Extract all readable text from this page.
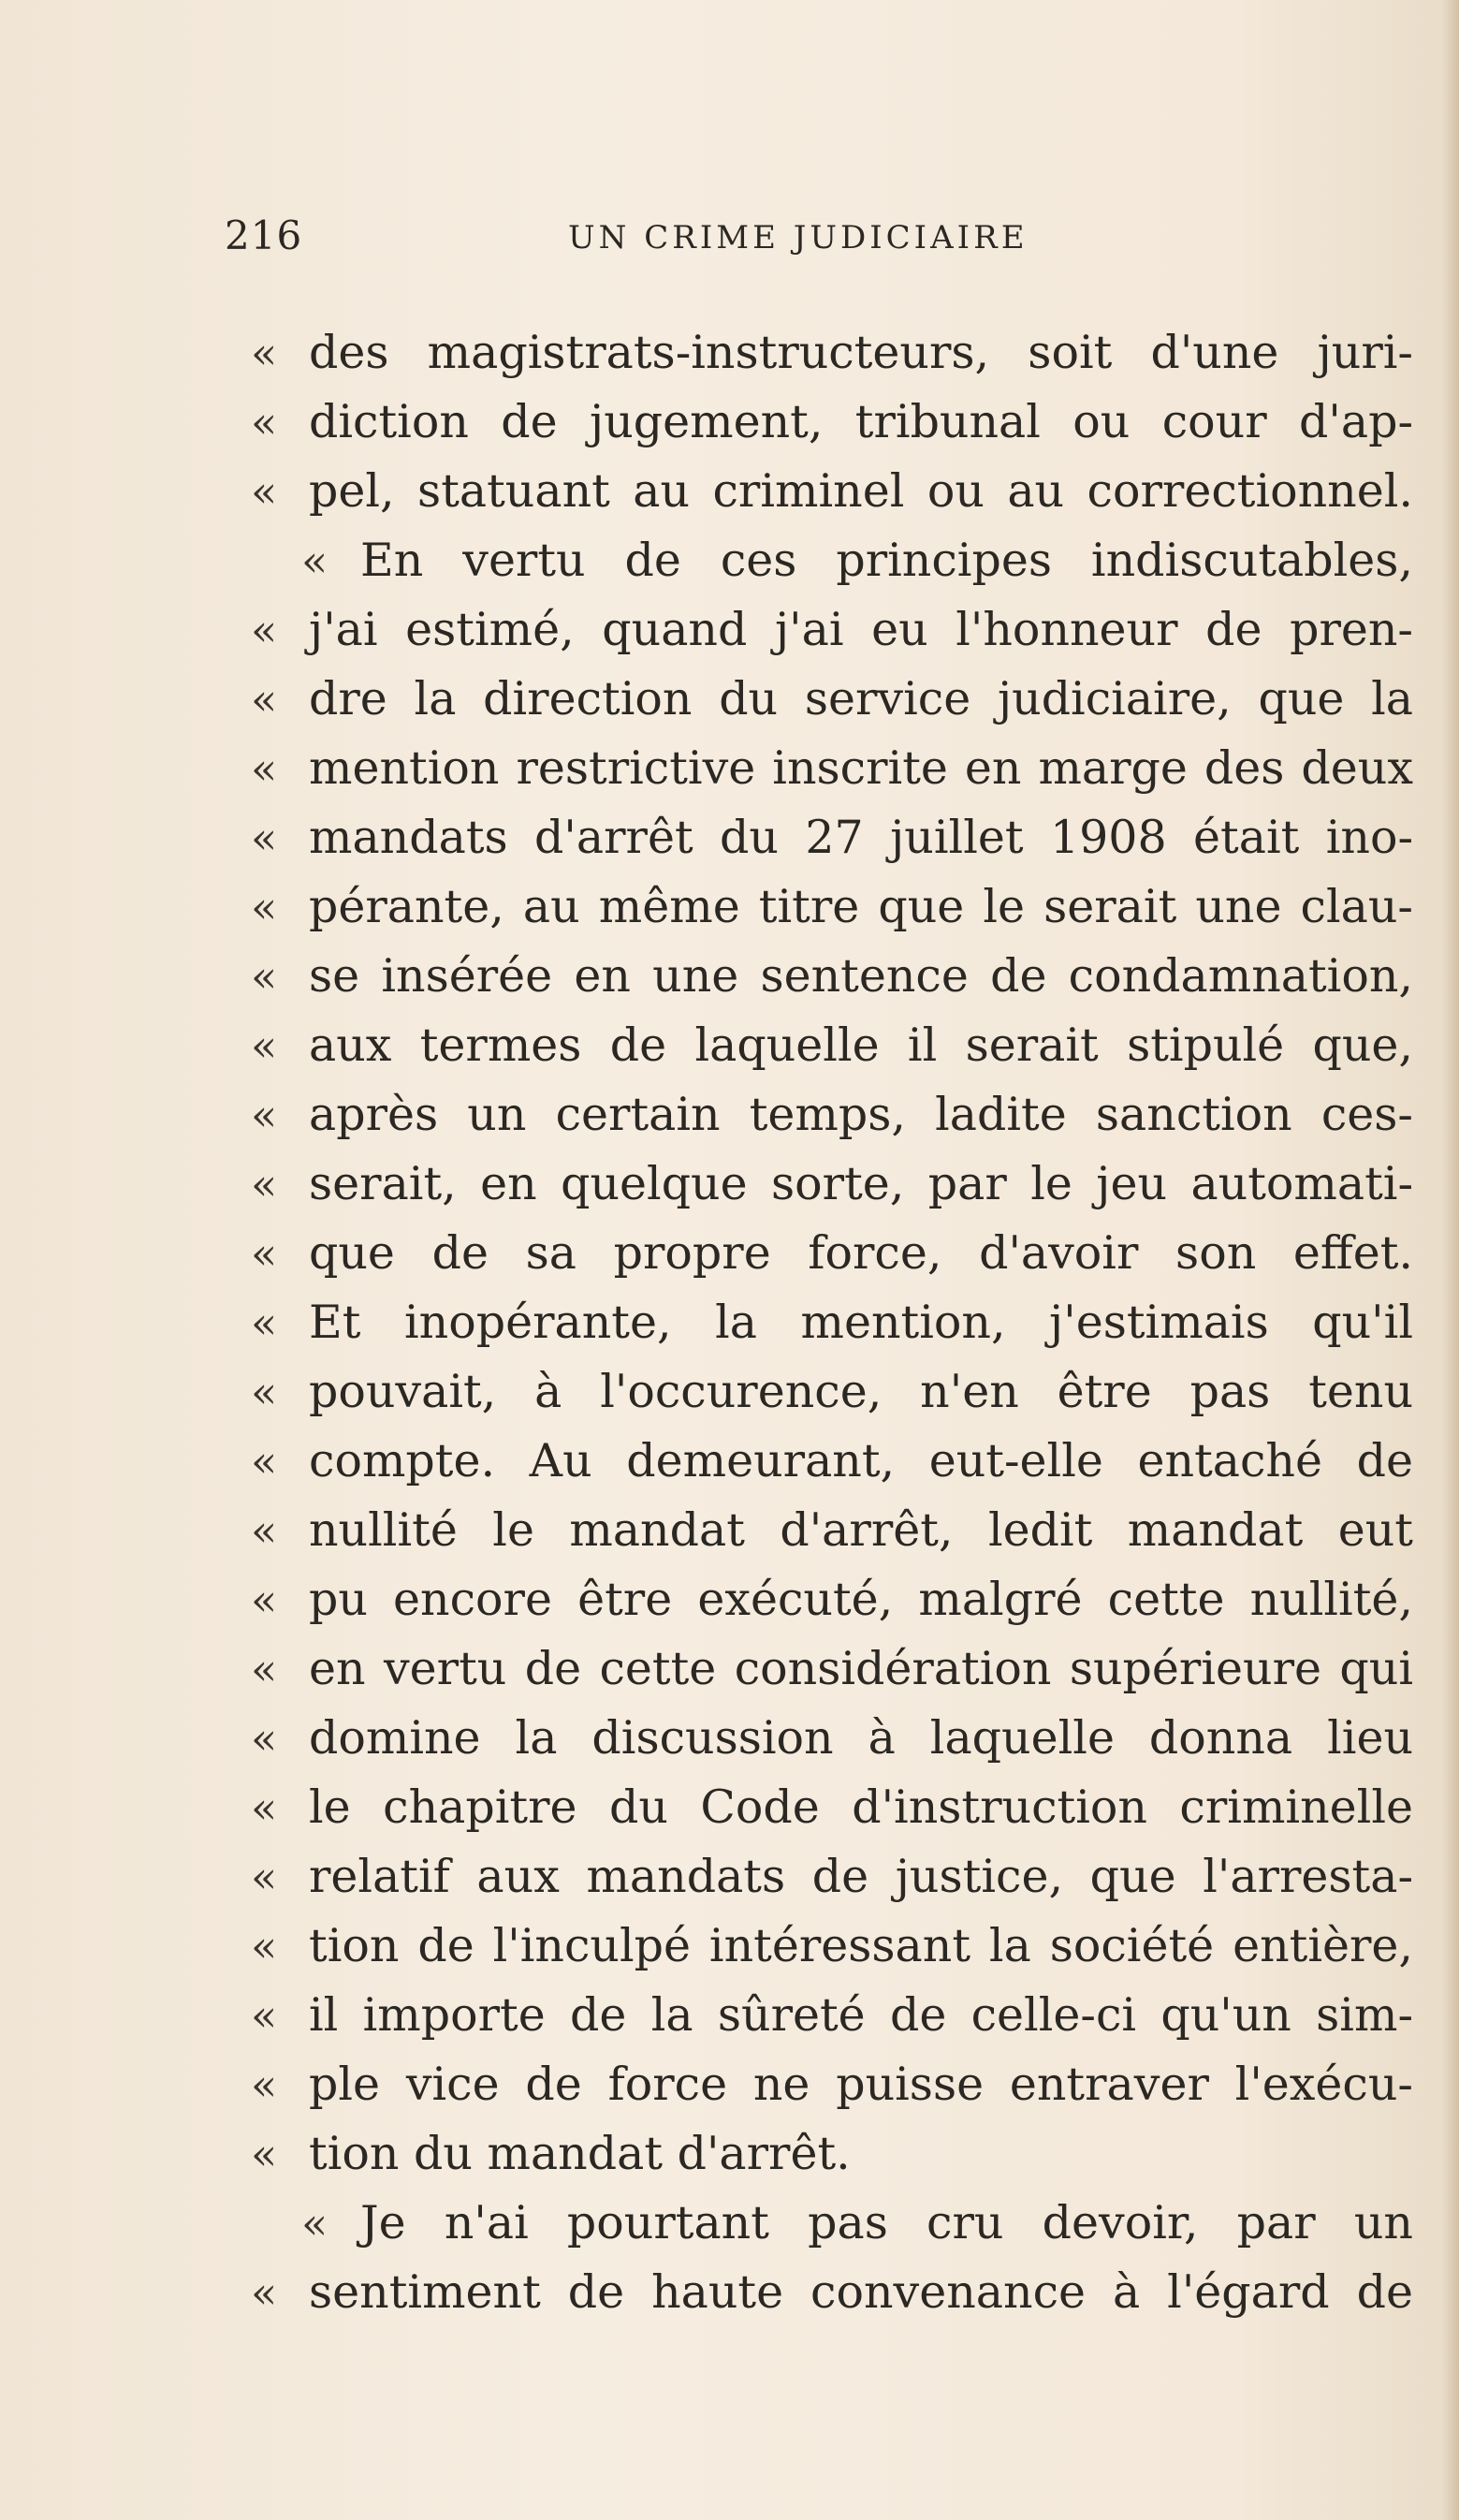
216	UN CRIME JUDICIAIRE
« des magistrats-instructeurs, soit d'une juri-
« diction de jugement, tribunal ou cour d'ap-
« pel, statuant au criminel ou au correctionnel.
« En vertu de ces principes indiscutables,
« j'ai estimé, quand j'ai eu l'honneur de pren-
« dre la direction du service judiciaire, que la
« mention restrictive inscrite en marge des deux
« mandats d'arrêt du 27 juillet 1908 était ino-
« pérante, au même titre que le serait une clau-
« se insérée en une sentence de condamnation,
« aux termes de laquelle il serait stipulé que,
« après un certain temps, ladite sanction ces-
« serait, en quelque sorte, par le jeu automati-
« que de sa propre force, d'avoir son effet.
« Et inopérante, la mention, j'estimais qu'il
« pouvait, à l'occurence, n'en être pas tenu
« compte. Au demeurant, eut-elle entaché de
« nullité le mandat d'arrêt, ledit mandat eut
« pu encore être exécuté, malgré cette nullité,
« en vertu de cette considération supérieure qui
« domine la discussion à laquelle donna lieu
« le chapitre du Code d'instruction criminelle
« relatif aux mandats de justice, que l'arresta-
« tion de l'inculpé intéressant la société entière,
« il importe de la sûreté de celle-ci qu'un sim-
« ple vice de force ne puisse entraver l'exécu-
« tion du mandat d'arrêt.
« Je n'ai pourtant pas cru devoir, par un
« sentiment de haute convenance à l'égard de
